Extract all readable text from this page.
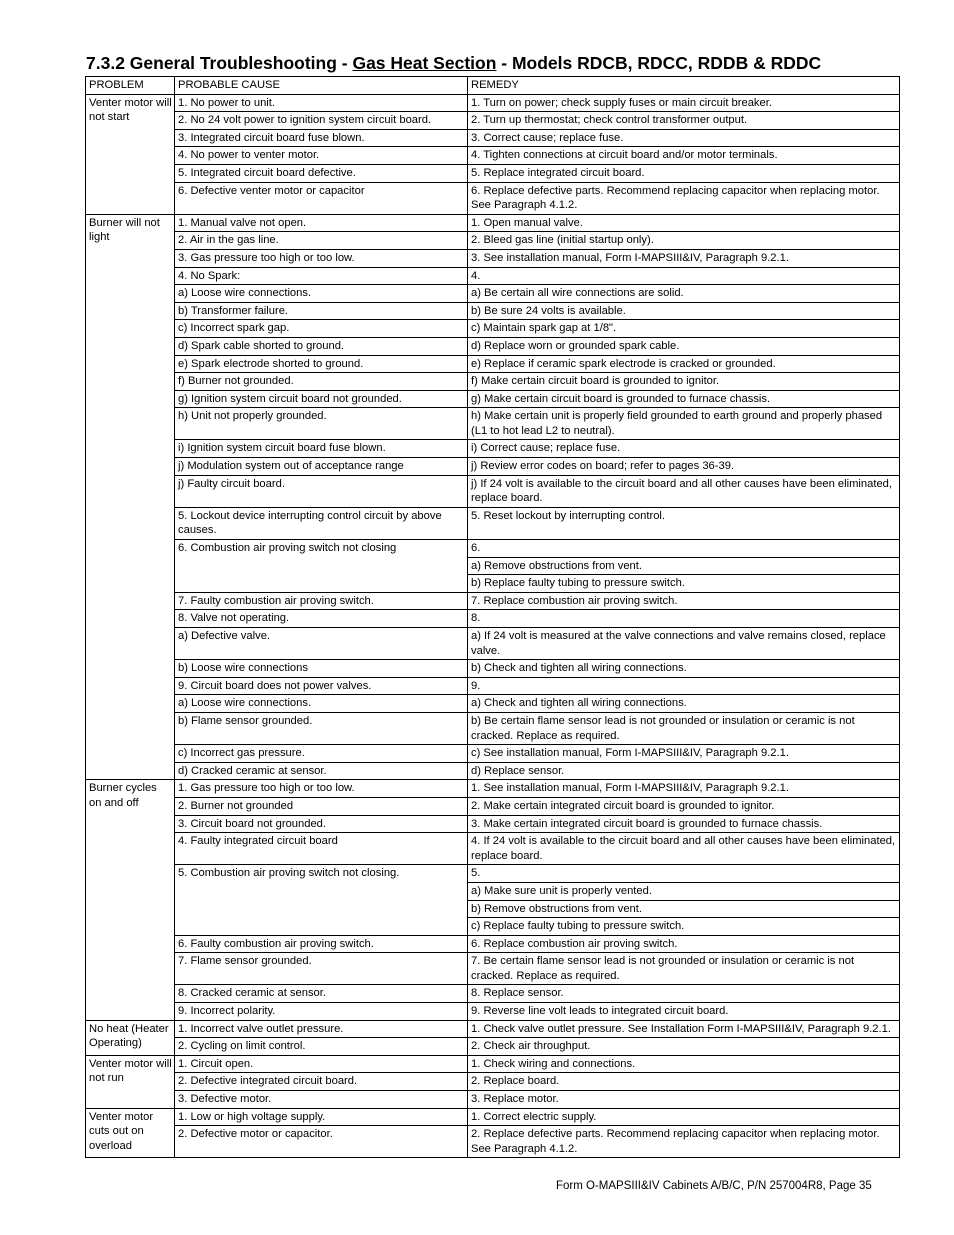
7.3.2 General Troubleshooting - Gas Heat Section - Models RDCB, RDCC, RDDB & RDDC
PROBLEM	PROBABLE CAUSE	REMEDY
Venter motor will not start	1. No power to unit.	1. Turn on power; check supply fuses or main circuit breaker.
	2. No 24 volt power to ignition system circuit board.	2. Turn up thermostat; check control transformer output.
	3. Integrated circuit board fuse blown.	3. Correct cause; replace fuse.
	4. No power to venter motor.	4. Tighten connections at circuit board and/or motor terminals.
	5. Integrated circuit board defective.	5. Replace integrated circuit board.
	6. Defective venter motor or capacitor	6. Replace defective parts. Recommend replacing capacitor when replacing motor. See Paragraph 4.1.2.
Burner will not light	1. Manual valve not open.	1. Open manual valve.
	2. Air in the gas line.	2. Bleed gas line (initial startup only).
	3. Gas pressure too high or too low.	3. See installation manual, Form I-MAPSIII&IV, Paragraph 9.2.1.
	4. No Spark:	4.
	a) Loose wire connections.	a) Be certain all wire connections are solid.
	b) Transformer failure.	b) Be sure 24 volts is available.
	c) Incorrect spark gap.	c) Maintain spark gap at 1/8".
	d) Spark cable shorted to ground.	d) Replace worn or grounded spark cable.
	e) Spark electrode shorted to ground.	e) Replace if ceramic spark electrode is cracked or grounded.
	f) Burner not grounded.	f) Make certain circuit board is grounded to ignitor.
	g) Ignition system circuit board not grounded.	g) Make certain circuit board is grounded to furnace chassis.
	h) Unit not properly grounded.	h) Make certain unit is properly field grounded to earth ground and properly phased (L1 to hot lead L2 to neutral).
	i) Ignition system circuit board fuse blown.	i) Correct cause; replace fuse.
	j) Modulation system out of acceptance range	j) Review error codes on board; refer to pages 36-39.
	j) Faulty circuit board.	j) If 24 volt is available to the circuit board and all other causes have been eliminated, replace board.
	5. Lockout device interrupting control circuit by above causes.	5. Reset lockout by interrupting control.
	6. Combustion air proving switch not closing	6.
		a) Remove obstructions from vent.
		b) Replace faulty tubing to pressure switch.
	7. Faulty combustion air proving switch.	7. Replace combustion air proving switch.
	8. Valve not operating.	8.
	a) Defective valve.	a) If 24 volt is measured at the valve connections and valve remains closed, replace valve.
	b) Loose wire connections	b) Check and tighten all wiring connections.
	9. Circuit board does not power valves.	9.
	a) Loose wire connections.	a) Check and tighten all wiring connections.
	b) Flame sensor grounded.	b) Be certain flame sensor lead is not grounded or insulation or ceramic is not cracked. Replace as required.
	c) Incorrect gas pressure.	c) See installation manual, Form I-MAPSIII&IV, Paragraph 9.2.1.
	d) Cracked ceramic at sensor.	d) Replace sensor.
Burner cycles on and off	1. Gas pressure too high or too low.	1. See installation manual, Form I-MAPSIII&IV, Paragraph 9.2.1.
	2. Burner not grounded	2. Make certain integrated circuit board is grounded to ignitor.
	3. Circuit board not grounded.	3. Make certain integrated circuit board is grounded to furnace chassis.
	4. Faulty integrated circuit board	4. If 24 volt is available to the circuit board and all other causes have been eliminated, replace board.
	5. Combustion air proving switch not closing.	5.
		a) Make sure unit is properly vented.
		b) Remove obstructions from vent.
		c) Replace faulty tubing to pressure switch.
	6. Faulty combustion air proving switch.	6. Replace combustion air proving switch.
	7. Flame sensor grounded.	7. Be certain flame sensor lead is not grounded or insulation or ceramic is not cracked. Replace as required.
	8. Cracked ceramic at sensor.	8. Replace sensor.
	9. Incorrect polarity.	9. Reverse line volt leads to integrated circuit board.
No heat (Heater Operating)	1. Incorrect valve outlet pressure.	1. Check valve outlet pressure. See Installation Form I-MAPSIII&IV, Paragraph 9.2.1.
	2. Cycling on limit control.	2. Check air throughput.
Venter motor will not run	1. Circuit open.	1. Check wiring and connections.
	2. Defective integrated circuit board.	2. Replace board.
	3. Defective motor.	3. Replace motor.
Venter motor cuts out on overload	1. Low or high voltage supply.	1. Correct electric supply.
	2. Defective motor or capacitor.	2. Replace defective parts. Recommend replacing capacitor when replacing motor. See Paragraph 4.1.2.
Form O-MAPSIII&IV Cabinets A/B/C, P/N 257004R8, Page 35
